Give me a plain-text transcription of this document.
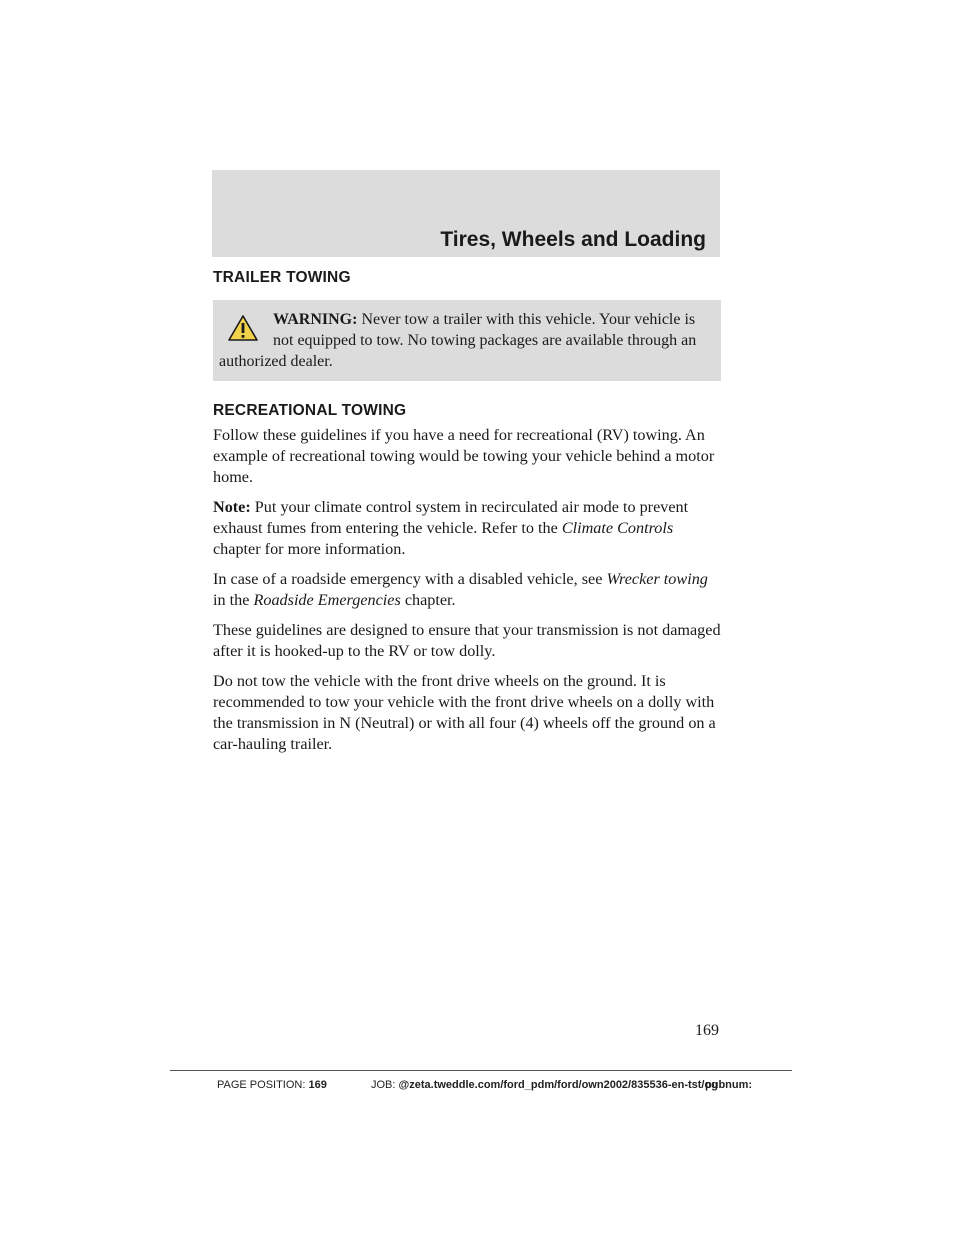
Tires, Wheels and Loading
TRAILER TOWING

WARNING: Never tow a trailer with this vehicle. Your vehicle is not equipped to tow. No towing packages are available through an authorized dealer.

RECREATIONAL TOWING

Follow these guidelines if you have a need for recreational (RV) towing. An example of recreational towing would be towing your vehicle behind a motor home.

Note: Put your climate control system in recirculated air mode to prevent exhaust fumes from entering the vehicle. Refer to the Climate Controls chapter for more information.

In case of a roadside emergency with a disabled vehicle, see Wrecker towing in the Roadside Emergencies chapter.

These guidelines are designed to ensure that your transmission is not damaged after it is hooked-up to the RV or tow dolly.

Do not tow the vehicle with the front drive wheels on the ground. It is recommended to tow your vehicle with the front drive wheels on a dolly with the transmission in N (Neutral) or with all four (4) wheels off the ground on a car-hauling trailer.

169
PAGE POSITION: 169	JOB: @zeta.tweddle.com/ford_pdm/ford/own2002/835536-en-tst/og
pubnum:
